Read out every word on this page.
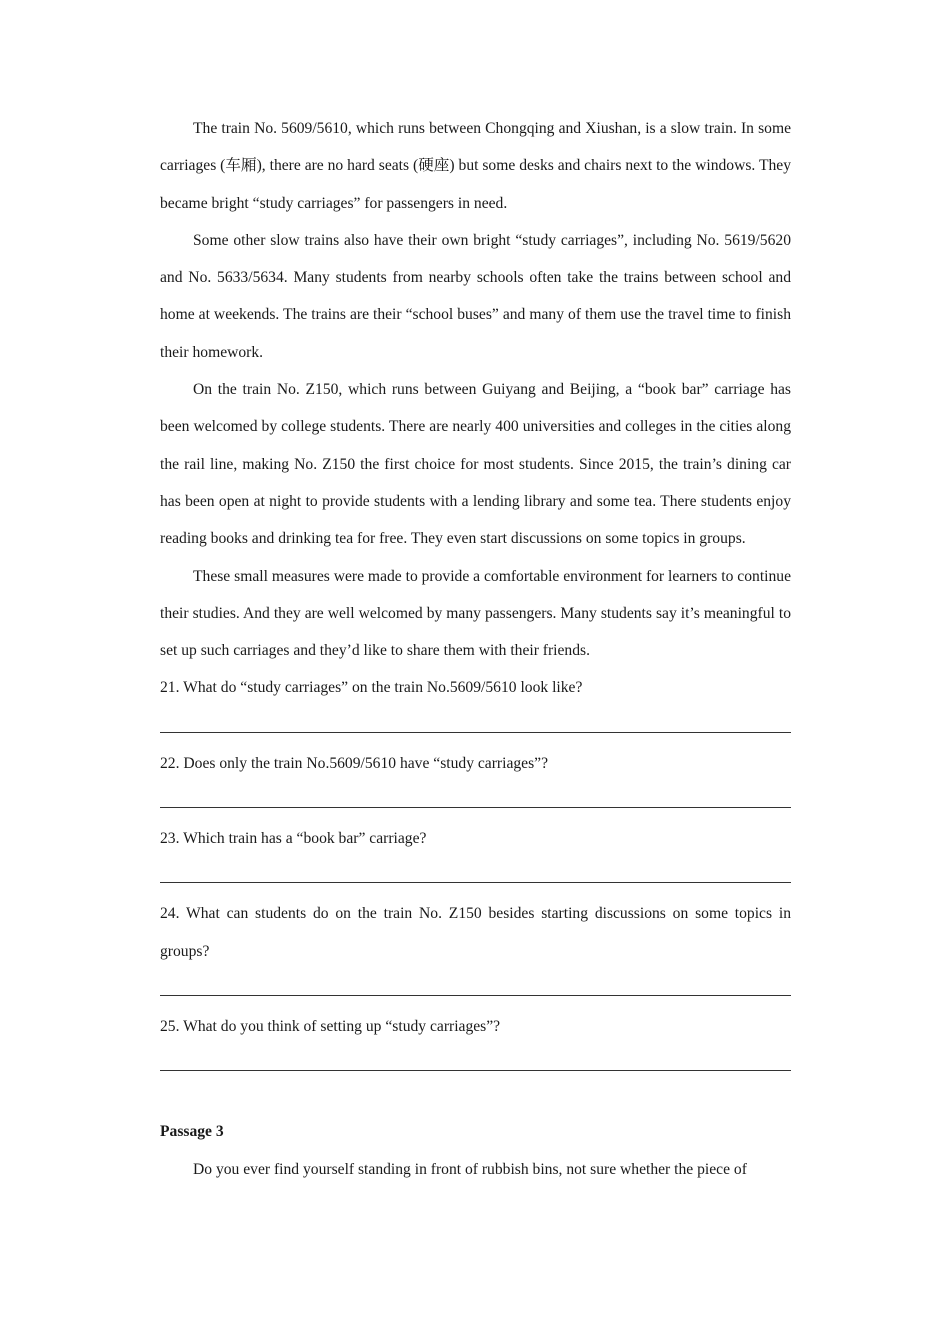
The train No. 5609/5610, which runs between Chongqing and Xiushan, is a slow train. In some carriages (车厢), there are no hard seats (硬座) but some desks and chairs next to the windows. They became bright “study carriages” for passengers in need.

Some other slow trains also have their own bright “study carriages”, including No. 5619/5620 and No. 5633/5634. Many students from nearby schools often take the trains between school and home at weekends. The trains are their “school buses” and many of them use the travel time to finish their homework.

On the train No. Z150, which runs between Guiyang and Beijing, a “book bar” carriage has been welcomed by college students. There are nearly 400 universities and colleges in the cities along the rail line, making No. Z150 the first choice for most students. Since 2015, the train’s dining car has been open at night to provide students with a lending library and some tea. There students enjoy reading books and drinking tea for free. They even start discussions on some topics in groups.

These small measures were made to provide a comfortable environment for learners to continue their studies. And they are well welcomed by many passengers. Many students say it’s meaningful to set up such carriages and they’d like to share them with their friends.

21. What do “study carriages” on the train No.5609/5610 look like?

22. Does only the train No.5609/5610 have “study carriages”?

23. Which train has a “book bar” carriage?

24. What can students do on the train No. Z150 besides starting discussions on some topics in groups?

25. What do you think of setting up “study carriages”?

Passage 3

Do you ever find yourself standing in front of rubbish bins, not sure whether the piece of
